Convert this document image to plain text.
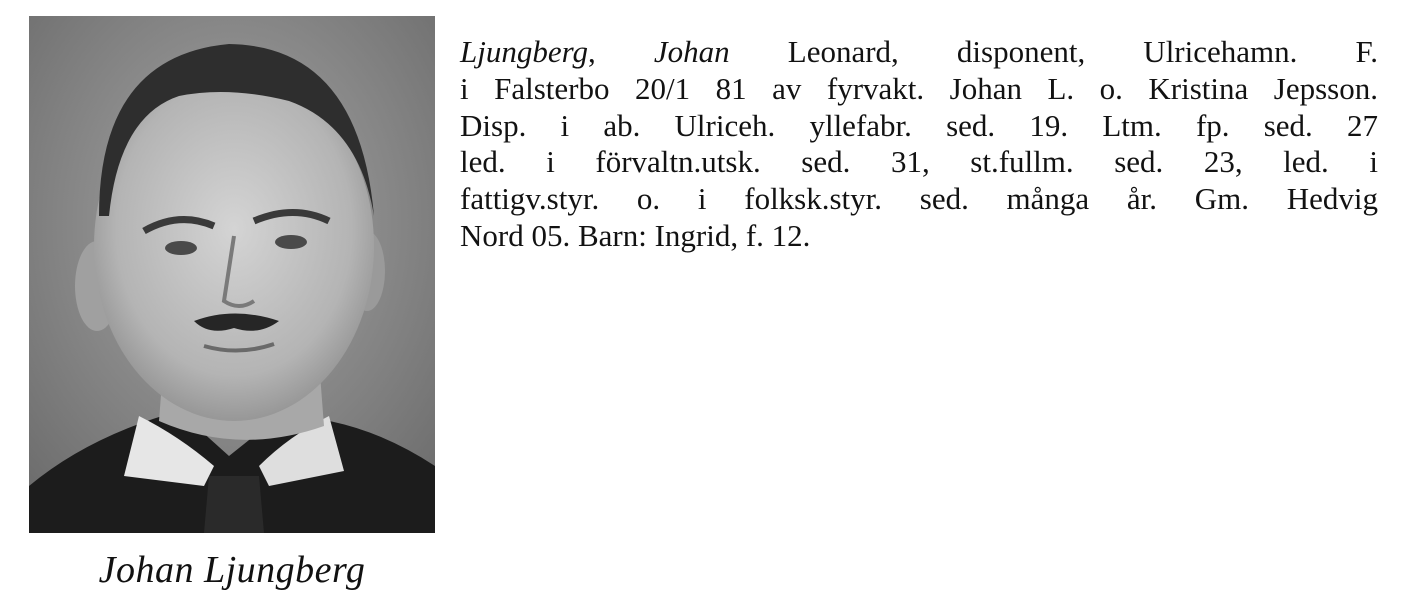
Johan Ljungberg
Ljungberg, Johan Leonard, disponent, Ulricehamn. F.
i Falsterbo 20/1 81 av fyrvakt. Johan L. o. Kristina Jepsson.
Disp. i ab. Ulriceh. yllefabr. sed. 19. Ltm. fp. sed. 27
led. i förvaltn.utsk. sed. 31, st.fullm. sed. 23, led. i
fattigv.styr. o. i folksk.styr. sed. många år. Gm. Hedvig
Nord 05. Barn: Ingrid, f. 12.
